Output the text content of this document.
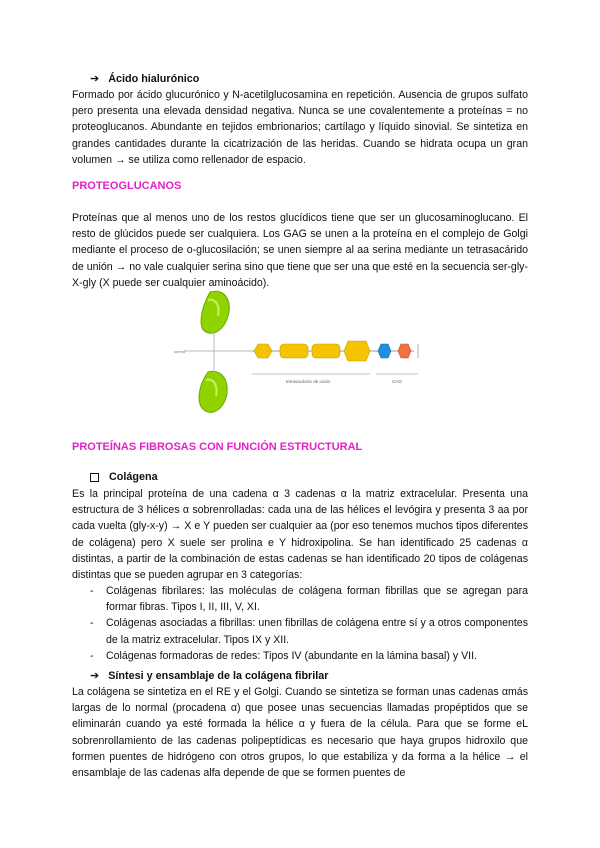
➔ Ácido hialurónico

Formado por ácido glucurónico y N-acetilglucosamina en repetición. Ausencia de grupos sulfato pero presenta una elevada densidad negativa. Nunca se une covalentemente a proteínas = no proteoglucanos. Abundante en tejidos embrionarios; cartílago y líquido sinovial. Se sintetiza en grandes cantidades durante la cicatrización de las heridas. Cuando se hidrata ocupa un gran volumen → se utiliza como rellenador de espacio.

PROTEOGLUCANOS

Proteínas que al menos uno de los restos glucídicos tiene que ser un glucosaminoglucano. El resto de glúcidos puede ser cualquiera. Los GAG se unen a la proteína en el complejo de Golgi mediante el proceso de o-glucosilación; se unen siempre al aa serina mediante un tetrasacárido de unión → no vale cualquier serina sino que tiene que ser una que esté en la secuencia ser-gly-X-gly (X puede ser cualquier aminoácido).

serina
tetrasacárido de unión	GAG

PROTEÍNAS FIBROSAS CON FUNCIÓN ESTRUCTURAL

Colágena

Es la principal proteína de una cadena α 3 cadenas α la matriz extracelular. Presenta una estructura de 3 hélices α sobrenrolladas: cada una de las hélices el levógira y presenta 3 aa por cada vuelta (gly-x-y) → X e Y pueden ser cualquier aa (por eso tenemos muchos tipos diferentes de colágena) pero X suele ser prolina e Y hidroxipolina. Se han identificado 25 cadenas α distintas, a partir de la combinación de estas cadenas se han identificado 20 tipos de colágenas distintas que se pueden agrupar en 3 categorías:

- Colágenas fibrilares: las moléculas de colágena forman fibrillas que se agregan para formar fibras. Tipos I, II, III, V, XI.
- Colágenas asociadas a fibrillas: unen fibrillas de colágena entre sí y a otros componentes de la matriz extracelular. Tipos IX y XII.
- Colágenas formadoras de redes: Tipos IV (abundante en la lámina basal) y VII.
➔ Síntesi y ensamblaje de la colágena fibrilar

La colágena se sintetiza en el RE y el Golgi. Cuando se sintetiza se forman unas cadenas αmás largas de lo normal (procadena α) que posee unas secuencias llamadas propéptidos que se eliminarán cuando ya esté formada la hélice α y fuera de la célula. Para que se forme eL sobrenrollamiento de las cadenas polipeptídicas es necesario que haya grupos hidroxilo que formen puentes de hidrógeno con otros grupos, lo que estabiliza y da forma a la hélice → el ensamblaje de las cadenas alfa depende de que se formen puentes de
